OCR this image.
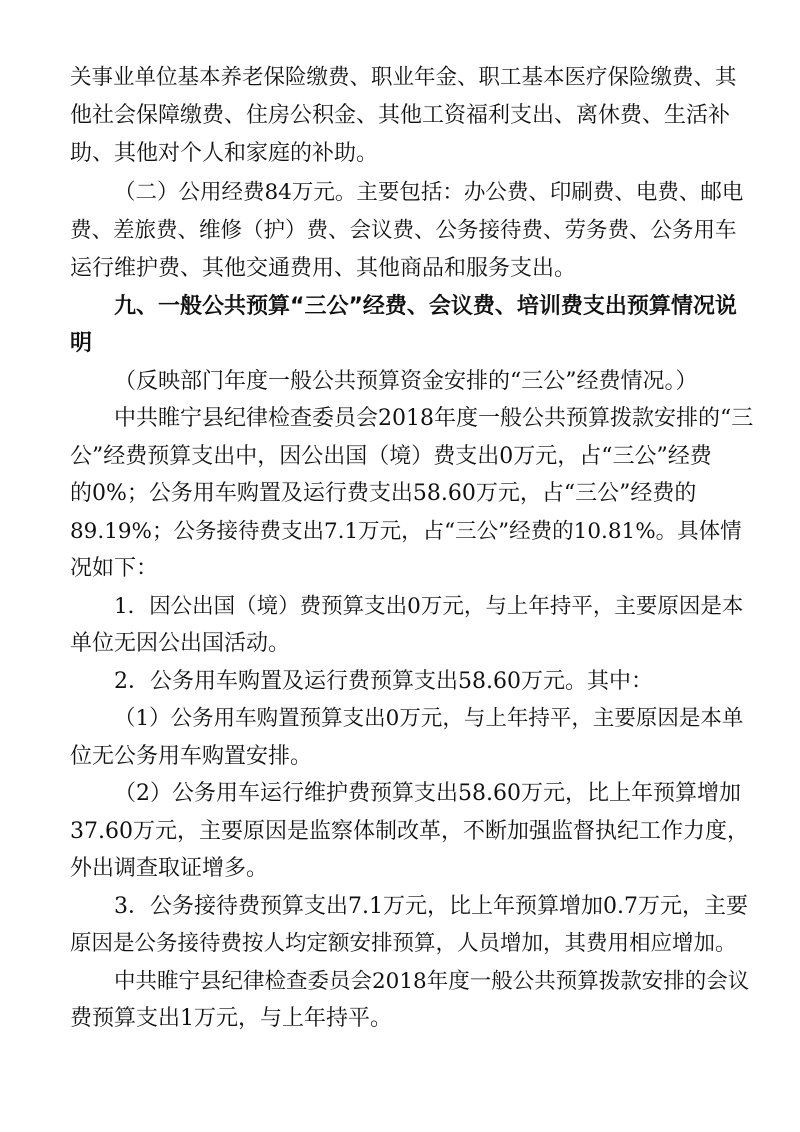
关事业单位基本养老保险缴费、职业年金、职工基本医疗保险缴费、其

他社会保障缴费、住房公积金、其他工资福利支出、离休费、生活补

助、其他对个人和家庭的补助。

（二）公用经费84万元。主要包括：办公费、印刷费、电费、邮电

费、差旅费、维修（护）费、会议费、公务接待费、劳务费、公务用车

运行维护费、其他交通费用、其他商品和服务支出。

九、一般公共预算“三公”经费、会议费、培训费支出预算情况说

明

（反映部门年度一般公共预算资金安排的“三公”经费情况。）

中共睢宁县纪律检查委员会2018年度一般公共预算拨款安排的“三

公”经费预算支出中，因公出国（境）费支出0万元，占“三公”经费

的0%；公务用车购置及运行费支出58.60万元，占“三公”经费的

89.19%；公务接待费支出7.1万元，占“三公”经费的10.81%。具体情

况如下：

1．因公出国（境）费预算支出0万元，与上年持平，主要原因是本

单位无因公出国活动。

2．公务用车购置及运行费预算支出58.60万元。其中：

（1）公务用车购置预算支出0万元，与上年持平，主要原因是本单

位无公务用车购置安排。

（2）公务用车运行维护费预算支出58.60万元，比上年预算增加

37.60万元，主要原因是监察体制改革，不断加强监督执纪工作力度，

外出调查取证增多。

3．公务接待费预算支出7.1万元，比上年预算增加0.7万元，主要

原因是公务接待费按人均定额安排预算，人员增加，其费用相应增加。

中共睢宁县纪律检查委员会2018年度一般公共预算拨款安排的会议

费预算支出1万元，与上年持平。
